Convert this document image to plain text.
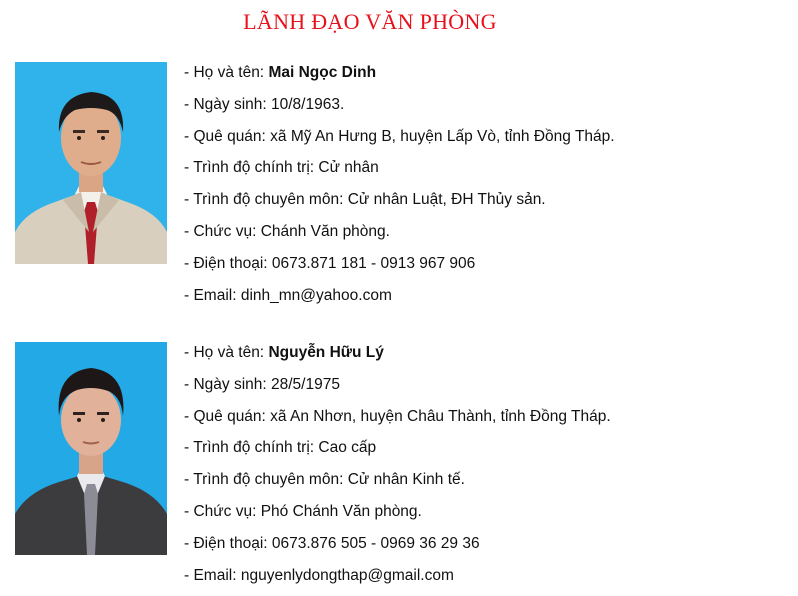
LÃNH ĐẠO VĂN PHÒNG
- Họ và tên: Mai Ngọc Dinh
- Ngày sinh: 10/8/1963.
- Quê quán: xã Mỹ An Hưng B, huyện Lấp Vò, tỉnh Đồng Tháp.
- Trình độ chính trị: Cử nhân
- Trình độ chuyên môn: Cử nhân Luật, ĐH Thủy sản.
- Chức vụ: Chánh Văn phòng.
- Điện thoại: 0673.871 181 - 0913 967 906
- Email: dinh_mn@yahoo.com
- Họ và tên: Nguyễn Hữu Lý
- Ngày sinh: 28/5/1975
- Quê quán: xã An Nhơn, huyện Châu Thành, tỉnh Đồng Tháp.
- Trình độ chính trị: Cao cấp
- Trình độ chuyên môn: Cử nhân Kinh tế.
- Chức vụ: Phó Chánh Văn phòng.
- Điện thoại: 0673.876 505 - 0969 36 29 36
- Email: nguyenlydongthap@gmail.com
